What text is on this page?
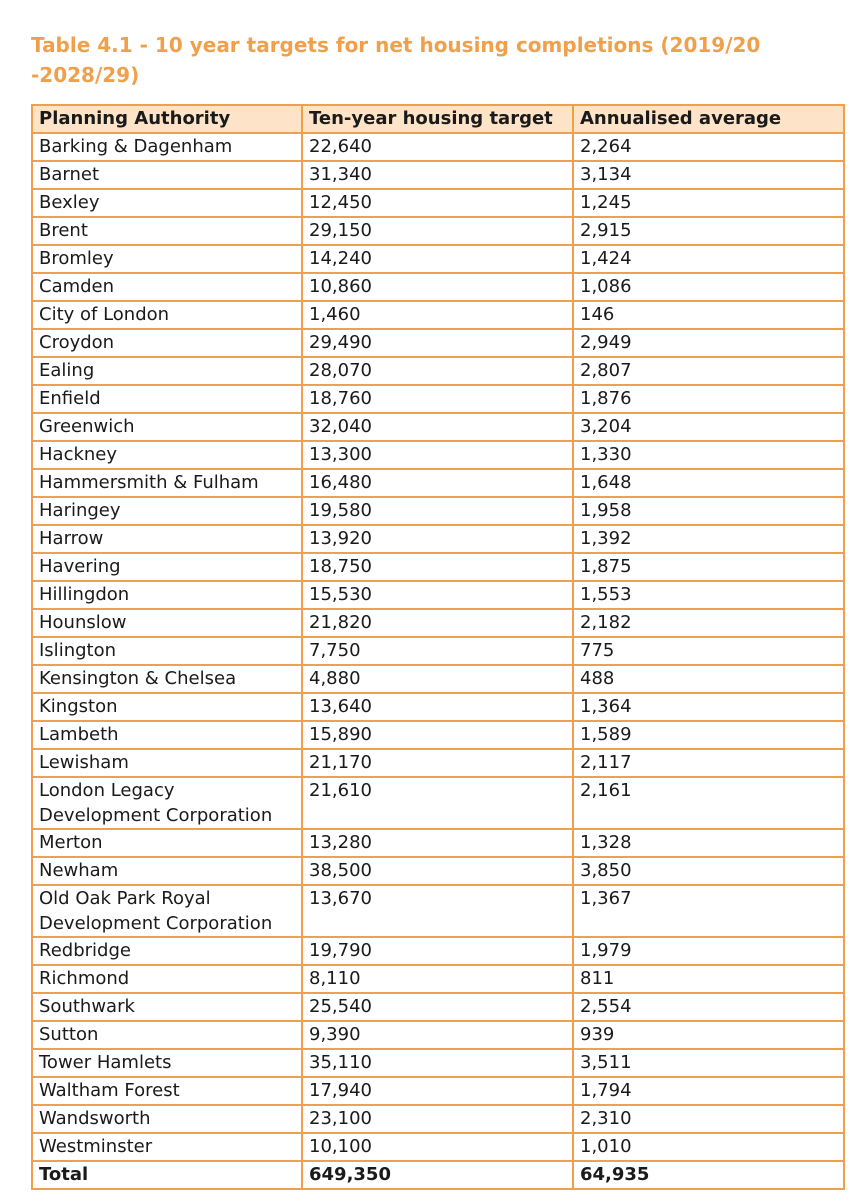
Table 4.1 - 10 year targets for net housing completions (2019/20 -2028/29)
Planning Authority	Ten-year housing target	Annualised average
Barking & Dagenham	22,640	2,264
Barnet	31,340	3,134
Bexley	12,450	1,245
Brent	29,150	2,915
Bromley	14,240	1,424
Camden	10,860	1,086
City of London	1,460	146
Croydon	29,490	2,949
Ealing	28,070	2,807
Enfield	18,760	1,876
Greenwich	32,040	3,204
Hackney	13,300	1,330
Hammersmith & Fulham	16,480	1,648
Haringey	19,580	1,958
Harrow	13,920	1,392
Havering	18,750	1,875
Hillingdon	15,530	1,553
Hounslow	21,820	2,182
Islington	7,750	775
Kensington & Chelsea	4,880	488
Kingston	13,640	1,364
Lambeth	15,890	1,589
Lewisham	21,170	2,117
London Legacy Development Corporation	21,610	2,161
Merton	13,280	1,328
Newham	38,500	3,850
Old Oak Park Royal Development Corporation	13,670	1,367
Redbridge	19,790	1,979
Richmond	8,110	811
Southwark	25,540	2,554
Sutton	9,390	939
Tower Hamlets	35,110	3,511
Waltham Forest	17,940	1,794
Wandsworth	23,100	2,310
Westminster	10,100	1,010
Total	649,350	64,935
